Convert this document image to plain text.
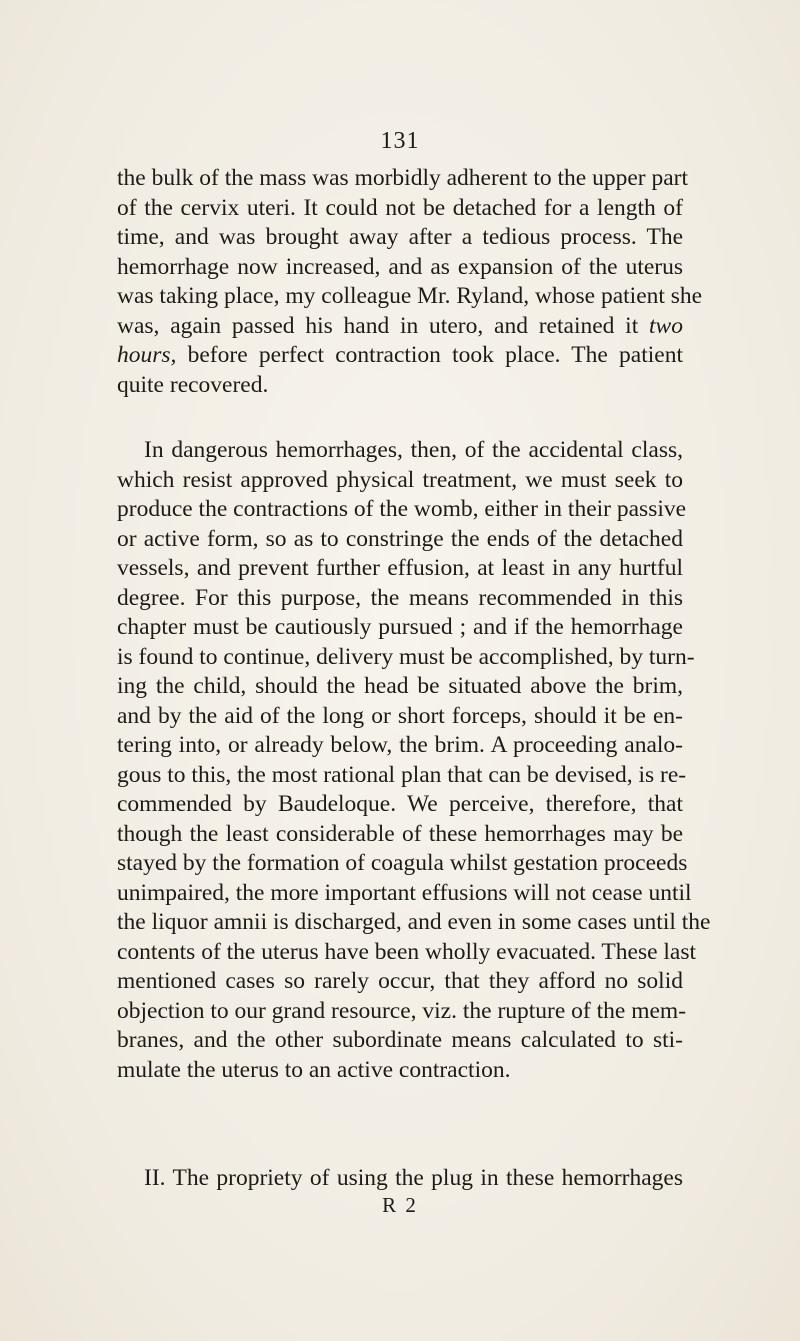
131
the bulk of the mass was morbidly adherent to the upper part
of the cervix uteri. It could not be detached for a length of
time, and was brought away after a tedious process. The
hemorrhage now increased, and as expansion of the uterus
was taking place, my colleague Mr. Ryland, whose patient she
was, again passed his hand in utero, and retained it two
hours, before perfect contraction took place. The patient
quite recovered.
In dangerous hemorrhages, then, of the accidental class,
which resist approved physical treatment, we must seek to
produce the contractions of the womb, either in their passive
or active form, so as to constringe the ends of the detached
vessels, and prevent further effusion, at least in any hurtful
degree. For this purpose, the means recommended in this
chapter must be cautiously pursued ; and if the hemorrhage
is found to continue, delivery must be accomplished, by turn-
ing the child, should the head be situated above the brim,
and by the aid of the long or short forceps, should it be en-
tering into, or already below, the brim. A proceeding analo-
gous to this, the most rational plan that can be devised, is re-
commended by Baudeloque. We perceive, therefore, that
though the least considerable of these hemorrhages may be
stayed by the formation of coagula whilst gestation proceeds
unimpaired, the more important effusions will not cease until
the liquor amnii is discharged, and even in some cases until the
contents of the uterus have been wholly evacuated. These last
mentioned cases so rarely occur, that they afford no solid
objection to our grand resource, viz. the rupture of the mem-
branes, and the other subordinate means calculated to sti-
mulate the uterus to an active contraction.
II. The propriety of using the plug in these hemorrhages
R 2
